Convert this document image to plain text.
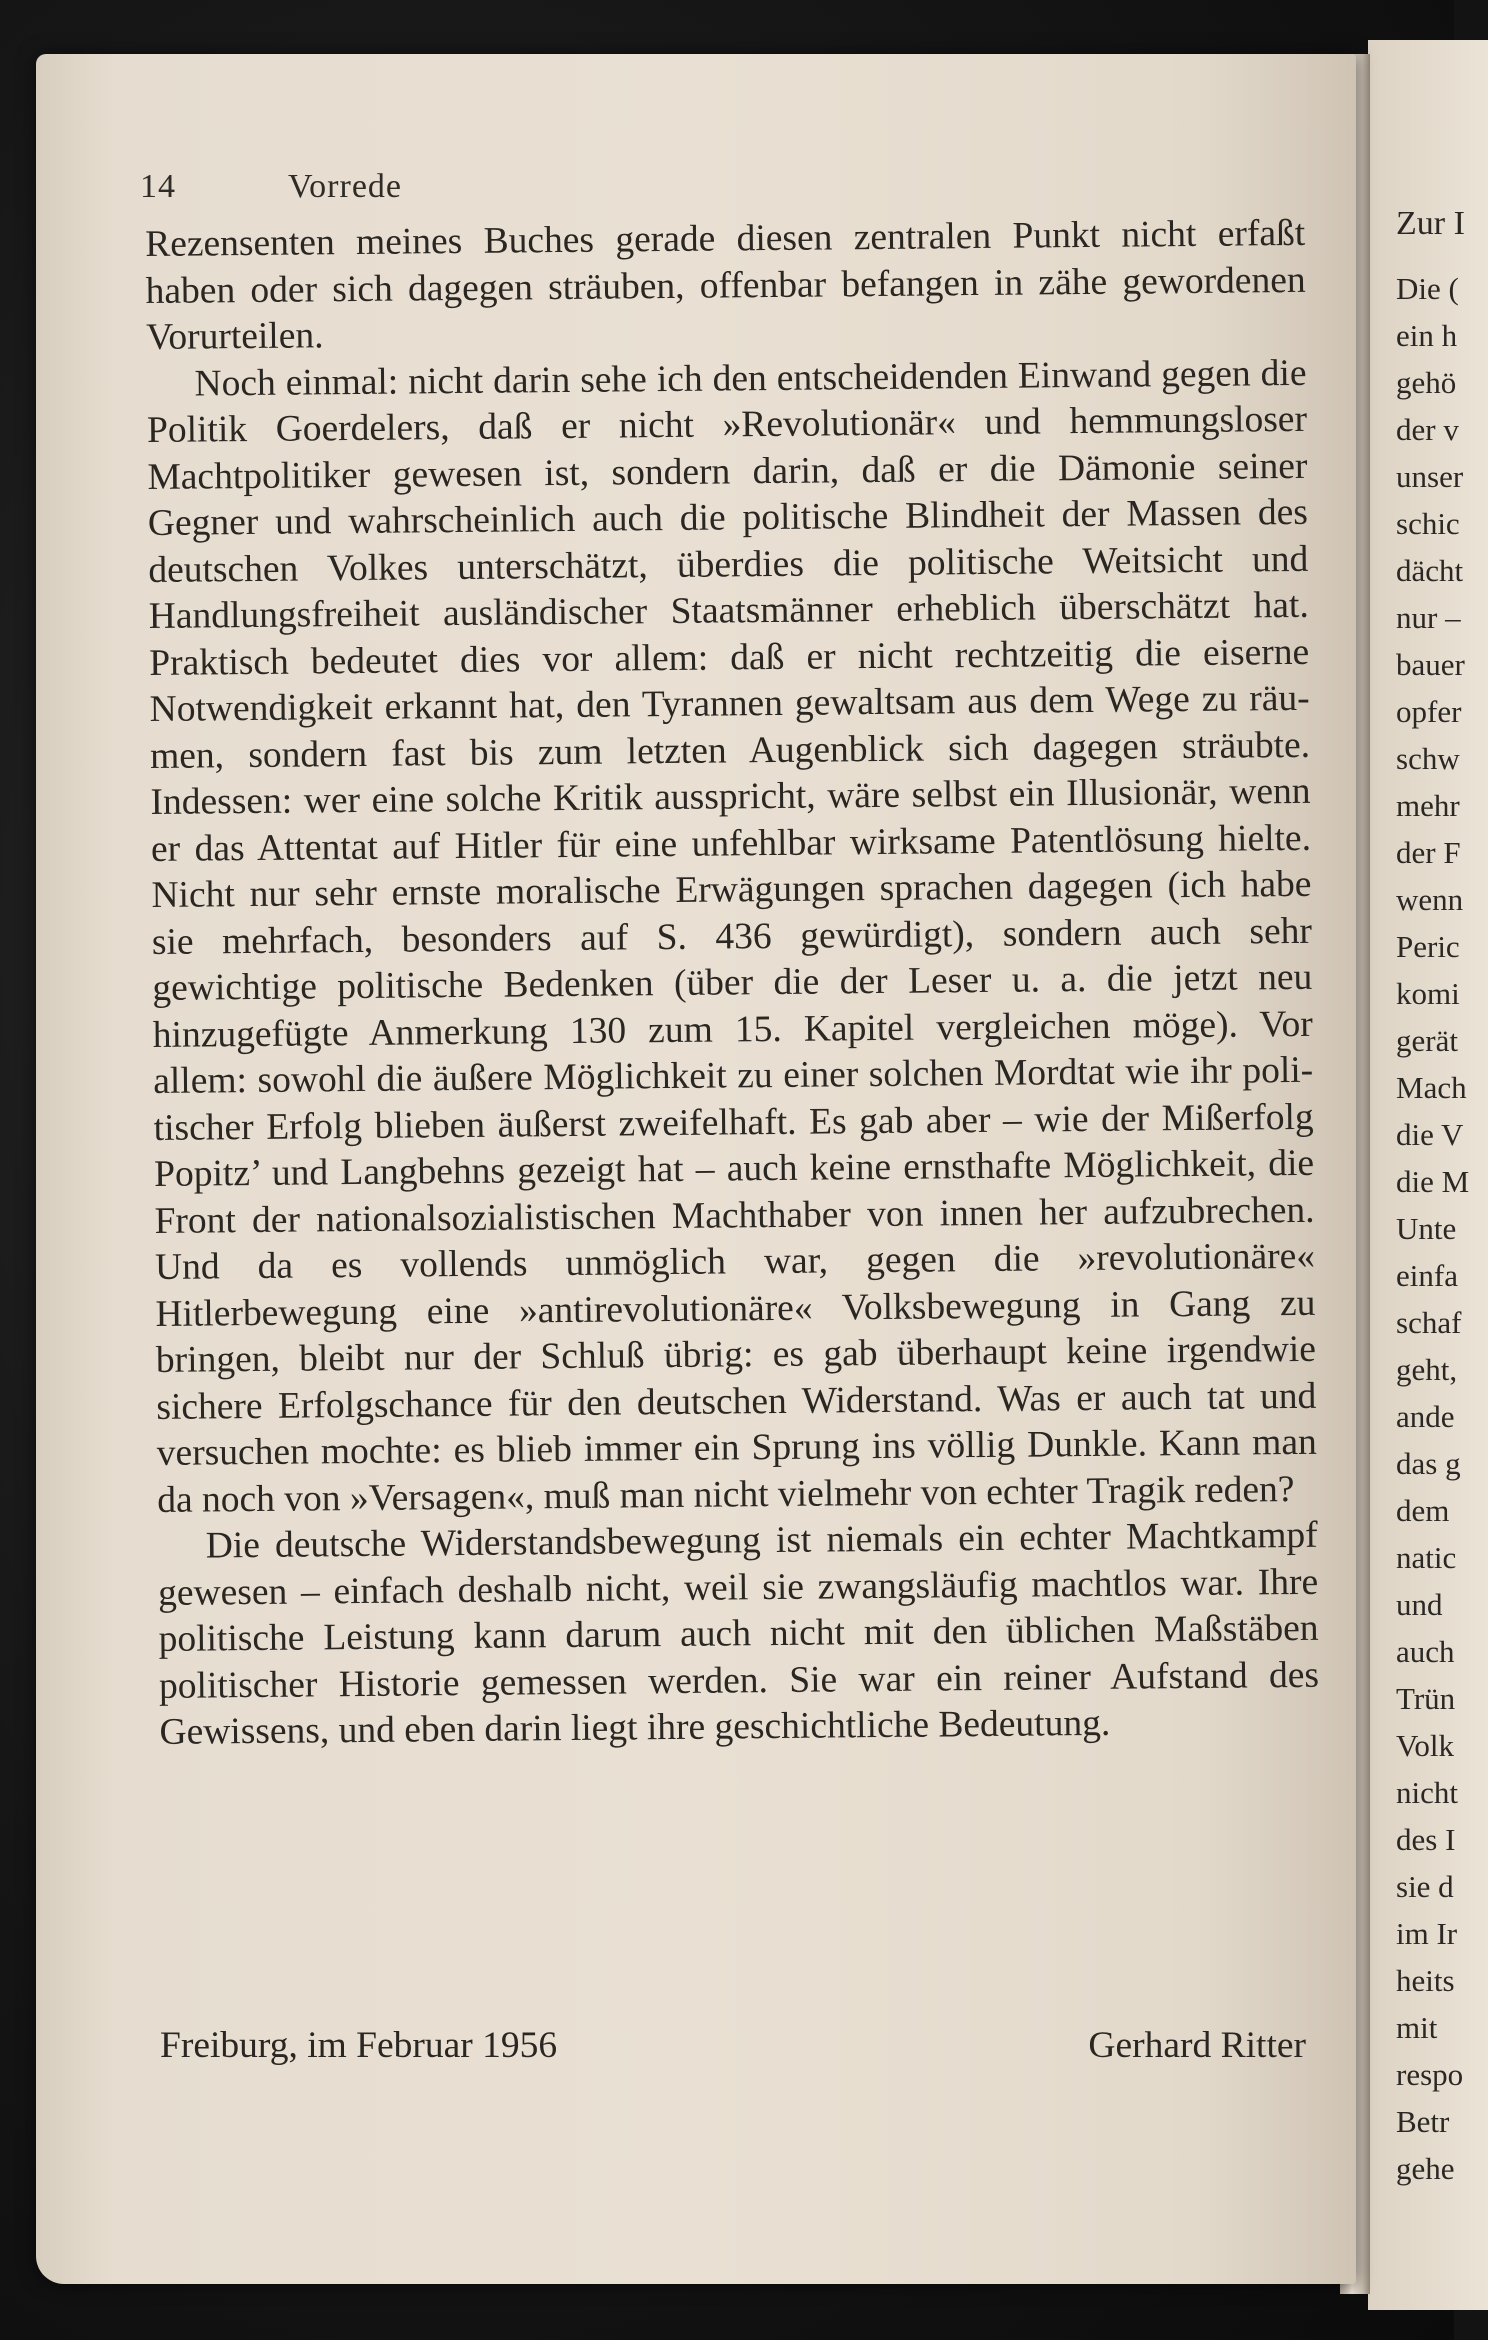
Zur I
Die (
ein h
gehö
der v
unser
schic
dächt
nur –
bauer
opfer
schw
mehr
der F
wenn
Peric
komi
gerät
Mach
die V
die M
Unte
einfa
schaf
geht,
ande
das g
dem
natic
und
auch
Trün
Volk
nicht
des I
sie d
im Ir
heits
mit
respo
Betr
gehe
14	Vorrede

Rezensenten meines Buches gerade diesen zentralen Punkt nicht erfaßt haben oder sich dagegen sträuben, offenbar befangen in zähe gewordenen Vorurteilen.

Noch einmal: nicht darin sehe ich den entscheidenden Einwand gegen die Politik Goerdelers, daß er nicht »Revolutionär« und hemmungsloser Machtpolitiker gewesen ist, sondern darin, daß er die Dämonie seiner Gegner und wahrscheinlich auch die politische Blindheit der Massen des deutschen Volkes unterschätzt, überdies die politische Weitsicht und Handlungsfreiheit ausländischer Staatsmänner erheblich überschätzt hat. Praktisch bedeutet dies vor allem: daß er nicht rechtzeitig die eiserne Notwendigkeit erkannt hat, den Tyrannen gewaltsam aus dem Wege zu räumen, sondern fast bis zum letzten Augenblick sich dagegen sträubte. Indessen: wer eine solche Kritik ausspricht, wäre selbst ein Illusionär, wenn er das Attentat auf Hitler für eine unfehlbar wirksame Patentlösung hielte. Nicht nur sehr ernste moralische Erwägungen sprachen dagegen (ich habe sie mehrfach, besonders auf S. 436 gewürdigt), sondern auch sehr gewichtige politische Bedenken (über die der Leser u. a. die jetzt neu hinzugefügte Anmerkung 130 zum 15. Kapitel vergleichen möge). Vor allem: sowohl die äußere Möglichkeit zu einer solchen Mordtat wie ihr politischer Erfolg blieben äußerst zweifelhaft. Es gab aber – wie der Mißerfolg Popitz’ und Langbehns gezeigt hat – auch keine ernsthafte Möglichkeit, die Front der nationalsozialistischen Machthaber von innen her aufzubrechen. Und da es vollends unmöglich war, gegen die »revolutionäre« Hitlerbewegung eine »antirevolutionäre« Volksbewegung in Gang zu bringen, bleibt nur der Schluß übrig: es gab überhaupt keine irgendwie sichere Erfolgschance für den deutschen Widerstand. Was er auch tat und versuchen mochte: es blieb immer ein Sprung ins völlig Dunkle. Kann man da noch von »Versagen«, muß man nicht vielmehr von echter Tragik reden?

Die deutsche Widerstandsbewegung ist niemals ein echter Machtkampf gewesen – einfach deshalb nicht, weil sie zwangsläufig machtlos war. Ihre politische Leistung kann darum auch nicht mit den üblichen Maßstäben politischer Historie gemessen werden. Sie war ein reiner Aufstand des Gewissens, und eben darin liegt ihre geschichtliche Bedeutung.

Freiburg, im Februar 1956	Gerhard Ritter
